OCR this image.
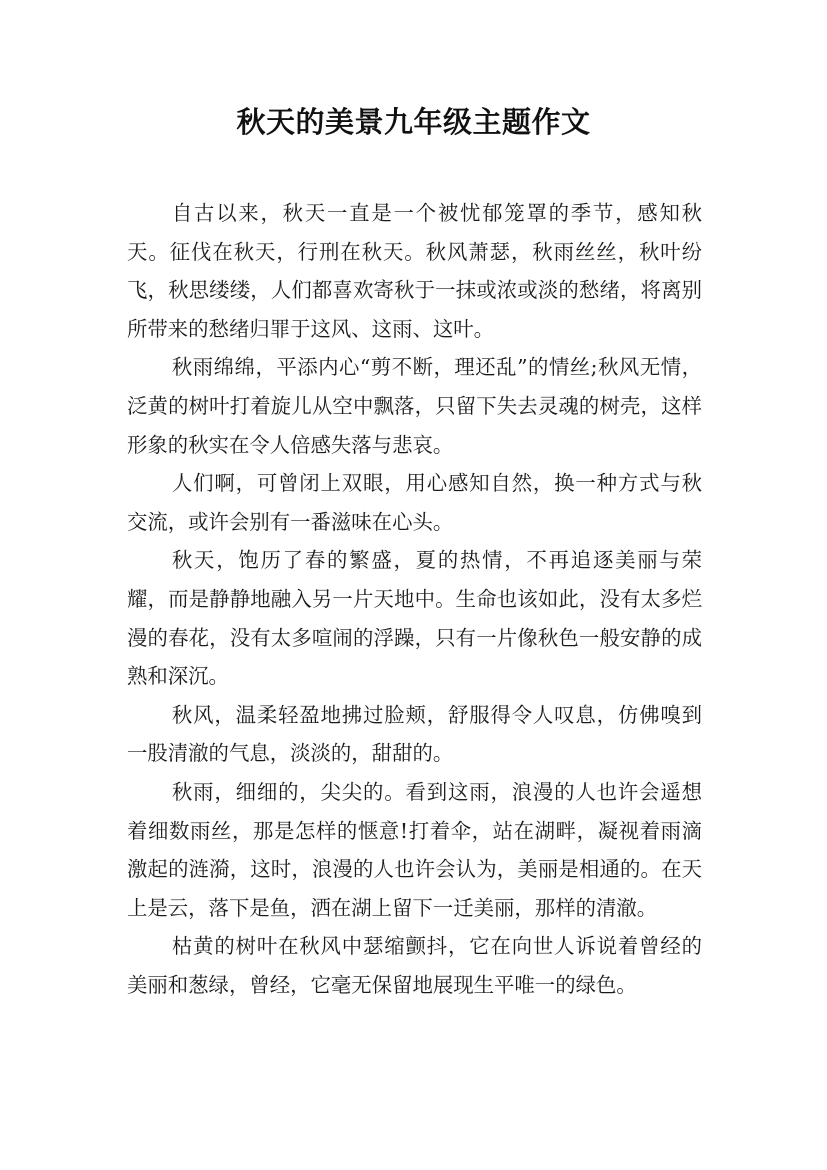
秋天的美景九年级主题作文

自古以来，秋天一直是一个被忧郁笼罩的季节，感知秋天。征伐在秋天，行刑在秋天。秋风萧瑟，秋雨丝丝，秋叶纷飞，秋思缕缕，人们都喜欢寄秋于一抹或浓或淡的愁绪，将离别所带来的愁绪归罪于这风、这雨、这叶。

秋雨绵绵，平添内心“剪不断，理还乱”的情丝;秋风无情，泛黄的树叶打着旋儿从空中飘落，只留下失去灵魂的树壳，这样形象的秋实在令人倍感失落与悲哀。

人们啊，可曾闭上双眼，用心感知自然，换一种方式与秋交流，或许会别有一番滋味在心头。

秋天，饱历了春的繁盛，夏的热情，不再追逐美丽与荣耀，而是静静地融入另一片天地中。生命也该如此，没有太多烂漫的春花，没有太多喧闹的浮躁，只有一片像秋色一般安静的成熟和深沉。

秋风，温柔轻盈地拂过脸颊，舒服得令人叹息，仿佛嗅到一股清澈的气息，淡淡的，甜甜的。

秋雨，细细的，尖尖的。看到这雨，浪漫的人也许会遥想着细数雨丝，那是怎样的惬意!打着伞，站在湖畔，凝视着雨滴激起的涟漪，这时，浪漫的人也许会认为，美丽是相通的。在天上是云，落下是鱼，洒在湖上留下一迁美丽，那样的清澈。

枯黄的树叶在秋风中瑟缩颤抖，它在向世人诉说着曾经的美丽和葱绿，曾经，它毫无保留地展现生平唯一的绿色。
